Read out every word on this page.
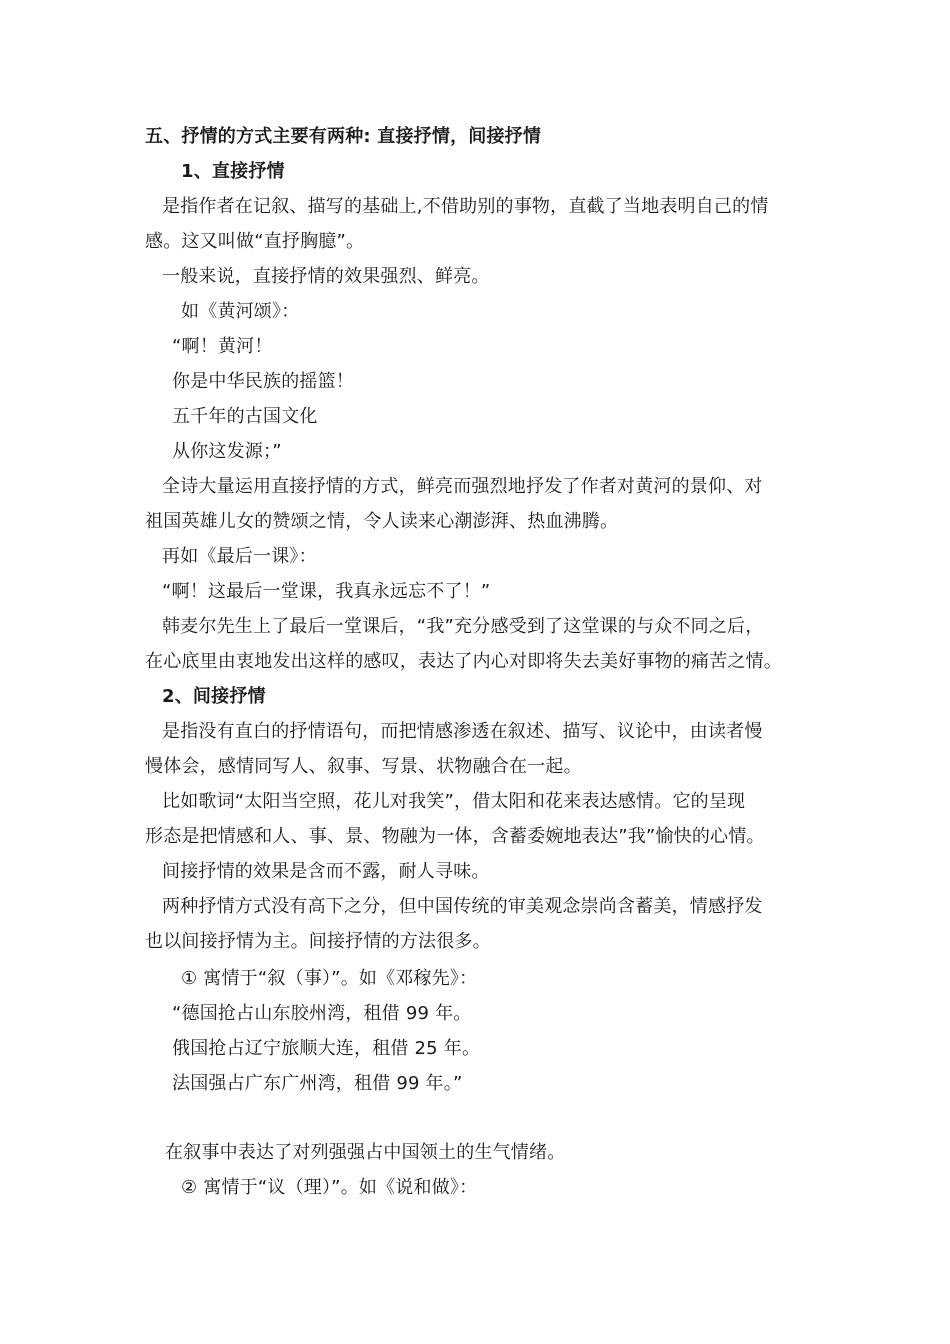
五、抒情的方式主要有两种: 直接抒情，间接抒情
1、直接抒情
是指作者在记叙、描写的基础上,不借助别的事物，直截了当地表明自己的情
感。这又叫做“直抒胸臆”。
一般来说，直接抒情的效果强烈、鲜亮。
如《黄河颂》：
“啊！黄河！
你是中华民族的摇篮！
五千年的古国文化
从你这发源；”
全诗大量运用直接抒情的方式，鲜亮而强烈地抒发了作者对黄河的景仰、对
祖国英雄儿女的赞颂之情，令人读来心潮澎湃、热血沸腾。
再如《最后一课》：
“啊！这最后一堂课，我真永远忘不了！”
韩麦尔先生上了最后一堂课后，“我”充分感受到了这堂课的与众不同之后，
在心底里由衷地发出这样的感叹，表达了内心对即将失去美好事物的痛苦之情。
2、间接抒情
是指没有直白的抒情语句，而把情感渗透在叙述、描写、议论中，由读者慢
慢体会，感情同写人、叙事、写景、状物融合在一起。
比如歌词“太阳当空照，花儿对我笑”，借太阳和花来表达感情。它的呈现
形态是把情感和人、事、景、物融为一体，含蓄委婉地表达”我”愉快的心情。
间接抒情的效果是含而不露，耐人寻味。
两种抒情方式没有高下之分，但中国传统的审美观念崇尚含蓄美，情感抒发
也以间接抒情为主。间接抒情的方法很多。
① 寓情于“叙（事）”。如《邓稼先》：
“德国抢占山东胶州湾，租借 99 年。
俄国抢占辽宁旅顺大连，租借 25 年。
法国强占广东广州湾，租借 99 年。”
在叙事中表达了对列强强占中国领土的生气情绪。
② 寓情于“议（理）”。如《说和做》：
